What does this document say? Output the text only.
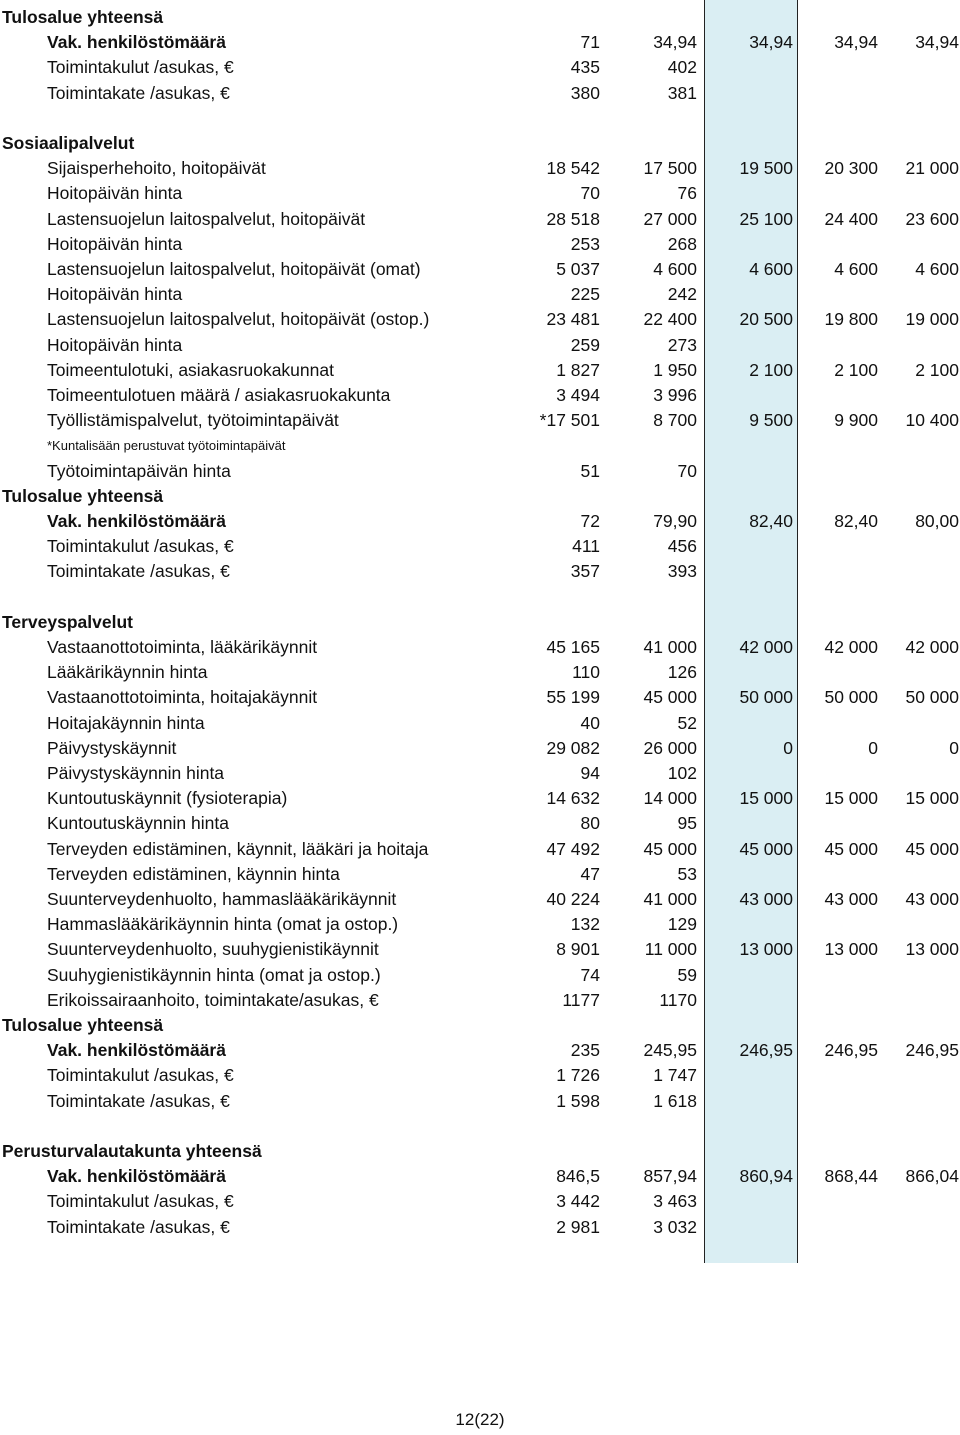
Tulosalue yhteensä
Vak. henkilöstömäärä	71	34,94	34,94	34,94	34,94
Toimintakulut /asukas, €	435	402
Toimintakate /asukas, €	380	381
Sosiaalipalvelut
Sijaisperhehoito, hoitopäivät	18 542	17 500	19 500	20 300	21 000
Hoitopäivän hinta	70	76
Lastensuojelun laitospalvelut, hoitopäivät	28 518	27 000	25 100	24 400	23 600
Hoitopäivän hinta	253	268
Lastensuojelun laitospalvelut, hoitopäivät (omat)	5 037	4 600	4 600	4 600	4 600
Hoitopäivän hinta	225	242
Lastensuojelun laitospalvelut, hoitopäivät (ostop.)	23 481	22 400	20 500	19 800	19 000
Hoitopäivän hinta	259	273
Toimeentulotuki, asiakasruokakunnat	1 827	1 950	2 100	2 100	2 100
Toimeentulotuen määrä / asiakasruokakunta	3 494	3 996
Työllistämispalvelut, työtoimintapäivät	*17 501	8 700	9 500	9 900	10 400
*Kuntalisään perustuvat työtoimintapäivät
Työtoimintapäivän hinta	51	70
Tulosalue yhteensä
Vak. henkilöstömäärä	72	79,90	82,40	82,40	80,00
Toimintakulut /asukas, €	411	456
Toimintakate /asukas, €	357	393
Terveyspalvelut
Vastaanottotoiminta, lääkärikäynnit	45 165	41 000	42 000	42 000	42 000
Lääkärikäynnin hinta	110	126
Vastaanottotoiminta, hoitajakäynnit	55 199	45 000	50 000	50 000	50 000
Hoitajakäynnin hinta	40	52
Päivystyskäynnit	29 082	26 000	0	0	0
Päivystyskäynnin hinta	94	102
Kuntoutuskäynnit (fysioterapia)	14 632	14 000	15 000	15 000	15 000
Kuntoutuskäynnin hinta	80	95
Terveyden edistäminen, käynnit, lääkäri ja hoitaja	47 492	45 000	45 000	45 000	45 000
Terveyden edistäminen, käynnin hinta	47	53
Suunterveydenhuolto, hammaslääkärikäynnit	40 224	41 000	43 000	43 000	43 000
Hammaslääkärikäynnin hinta (omat ja ostop.)	132	129
Suunterveydenhuolto, suuhygienistikäynnit	8 901	11 000	13 000	13 000	13 000
Suuhygienistikäynnin hinta (omat ja ostop.)	74	59
Erikoissairaanhoito, toimintakate/asukas, €	1177	1170
Tulosalue yhteensä
Vak. henkilöstömäärä	235	245,95	246,95	246,95	246,95
Toimintakulut /asukas, €	1 726	1 747
Toimintakate /asukas, €	1 598	1 618
Perusturvalautakunta yhteensä
Vak. henkilöstömäärä	846,5	857,94	860,94	868,44	866,04
Toimintakulut /asukas, €	3 442	3 463
Toimintakate /asukas, €	2 981	3 032
12(22)
